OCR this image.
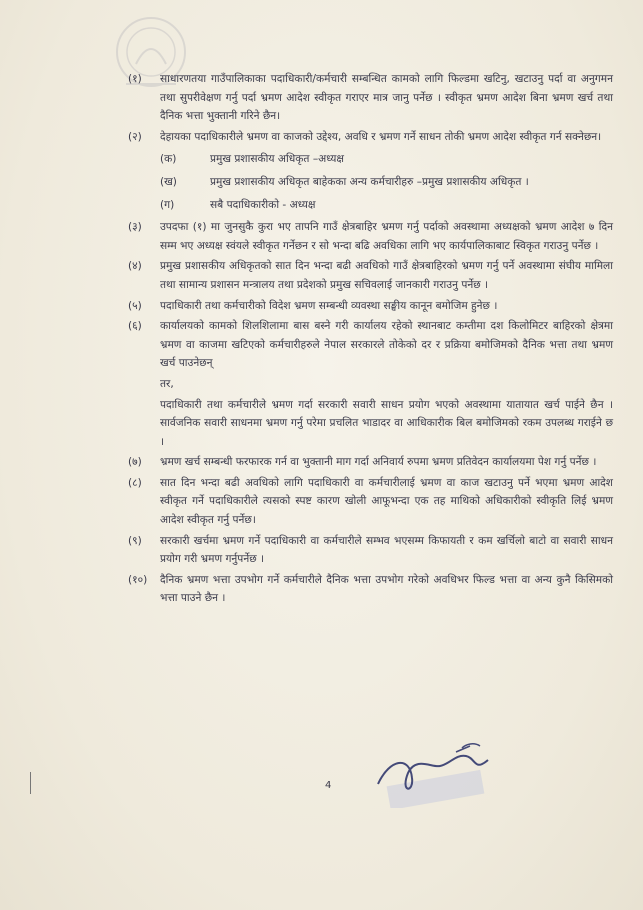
(१)	साधारणतया गाउँपालिकाका पदाधिकारी/कर्मचारी सम्बन्धित कामको लागि फिल्डमा खटिनु, खटाउनु पर्दा वा अनुगमन तथा सुपरीवेक्षण गर्नु पर्दा भ्रमण आदेश स्वीकृत गराएर मात्र जानु पर्नेछ । स्वीकृत भ्रमण आदेश बिना भ्रमण खर्च तथा दैनिक भत्ता भुक्तानी गरिने छैन।
(२)	देहायका पदाधिकारीले भ्रमण वा काजको उद्देश्य, अवधि र भ्रमण गर्ने साधन तोकी भ्रमण आदेश स्वीकृत गर्न सक्नेछन।
(क)	प्रमुख प्रशासकीय अधिकृत –अध्यक्ष
(ख)	प्रमुख प्रशासकीय अधिकृत बाहेकका अन्य कर्मचारीहरु –प्रमुख प्रशासकीय अधिकृत ।
(ग)	सबै पदाधिकारीको - अध्यक्ष
(३)	उपदफा (१) मा जुनसुकै कुरा भए तापनि गाउँ क्षेत्रबाहिर भ्रमण गर्नु पर्दाको अवस्थामा अध्यक्षको भ्रमण आदेश ७ दिन सम्म भए अध्यक्ष स्वंयले स्वीकृत गर्नेछन र सो भन्दा बढि अवधिका लागि भए कार्यपालिकाबाट स्विकृत गराउनु पर्नेछ ।
(४)	प्रमुख प्रशासकीय अधिकृतको सात दिन भन्दा बढी अवधिको गाउँ क्षेत्रबाहिरको भ्रमण गर्नु पर्ने अवस्थामा संघीय मामिला तथा सामान्य प्रशासन मन्त्रालय तथा प्रदेशको प्रमुख सचिवलाई जानकारी गराउनु पर्नेछ ।
(५)	पदाधिकारी तथा कर्मचारीको विदेश भ्रमण सम्बन्धी व्यवस्था सङ्घीय कानून बमोजिम हुनेछ ।
(६)	कार्यालयको कामको शिलशिलामा बास बस्ने गरी कार्यालय रहेको स्थानबाट कम्तीमा दश किलोमिटर बाहिरको क्षेत्रमा भ्रमण वा काजमा खटिएको कर्मचारीहरुले नेपाल सरकारले तोकेको दर र प्रक्रिया बमोजिमको दैनिक भत्ता तथा भ्रमण खर्च पाउनेछन्
तर,
पदाधिकारी तथा कर्मचारीले भ्रमण गर्दा सरकारी सवारी साधन प्रयोग भएको अवस्थामा यातायात खर्च पाईने छैन । सार्वजनिक सवारी साधनमा भ्रमण गर्नु परेमा प्रचलित भाडादर वा आधिकारीक बिल बमोजिमको रकम उपलब्ध गराईने छ ।
(७)	भ्रमण खर्च सम्बन्धी फरफारक गर्न वा भुक्तानी माग गर्दा अनिवार्य रुपमा भ्रमण प्रतिवेदन कार्यालयमा पेश गर्नु पर्नेछ ।
(८)	सात दिन भन्दा बढी अवधिको लागि पदाधिकारी वा कर्मचारीलाई भ्रमण वा काज खटाउनु पर्ने भएमा भ्रमण आदेश स्वीकृत गर्ने पदाधिकारीले त्यसको स्पष्ट कारण खोली आफूभन्दा एक तह माथिको अधिकारीको स्वीकृति लिई भ्रमण आदेश स्वीकृत गर्नु पर्नेछ।
(९)	सरकारी खर्चमा भ्रमण गर्ने पदाधिकारी वा कर्मचारीले सम्भव भएसम्म किफायती र कम खर्चिलो बाटो वा सवारी साधन प्रयोग गरी भ्रमण गर्नुपर्नेछ ।
(१०)	दैनिक भ्रमण भत्ता उपभोग गर्ने कर्मचारीले दैनिक भत्ता उपभोग गरेको अवधिभर फिल्ड भत्ता वा अन्य कुनै किसिमको भत्ता पाउने छैन ।
4
